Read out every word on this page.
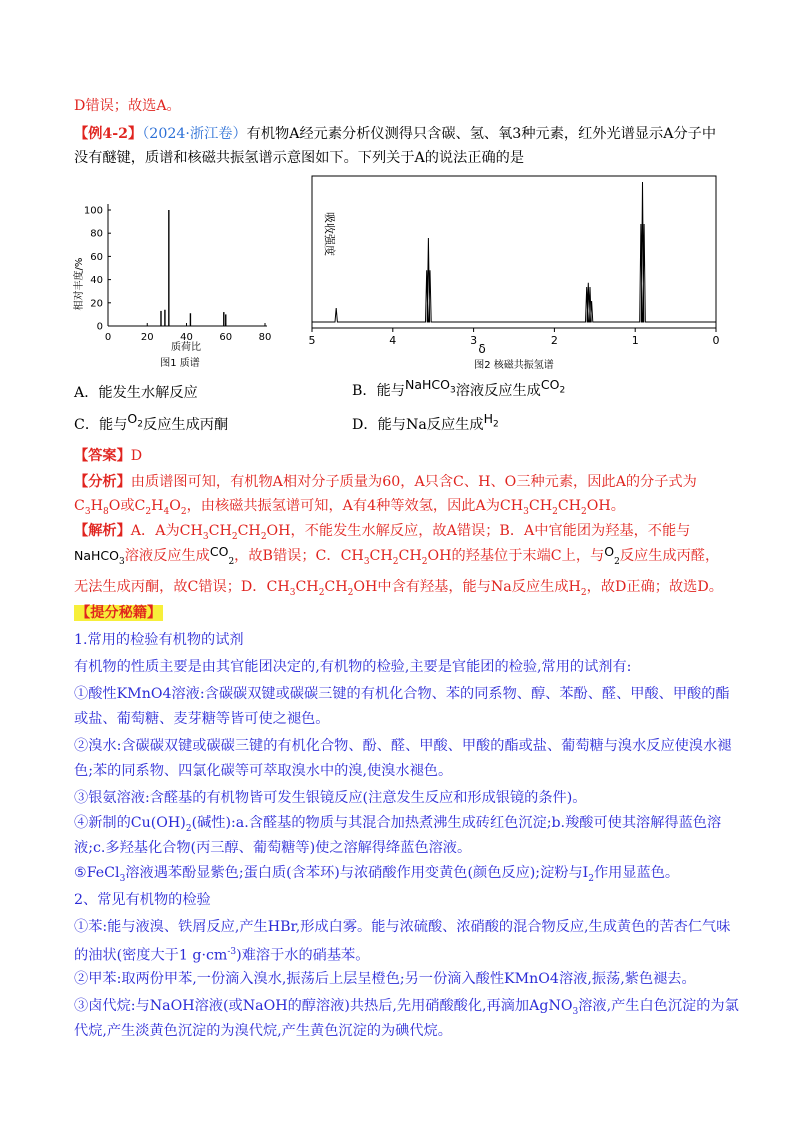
D错误；故选A。
【例4-2】（2024·浙江卷）有机物A经元素分析仪测得只含碳、氢、氧3种元素，红外光谱显示A分子中
没有醚键，质谱和核磁共振氢谱示意图如下。下列关于A的说法正确的是
0
20
40
60
80
100
0	20	40	60	80
相对丰度/%
质荷比
图1 质谱
5	4	3	2	1	0
吸收强度
δ
图2 核磁共振氢谱
A．能发生水解反应	B．能与NaHCO$_3$溶液反应生成$CO_2$
C．能与$O_2$反应生成丙酮	D．能与Na反应生成$H_2$
【答案】D
【分析】由质谱图可知，有机物A相对分子质量为60，A只含C、H、O三种元素，因此A的分子式为
$C_3H_8O$或$C_2H_4O_2$，由核磁共振氢谱可知，A有4种等效氢，因此A为$CH_3CH_2CH_2OH$。
【解析】A．A为$CH_3CH_2CH_2OH$，不能发生水解反应，故A错误；B．A中官能团为羟基，不能与
NaHCO$_3$溶液反应生成$CO_2$，故B错误；C．$CH_3CH_2CH_2OH$的羟基位于末端C上，与$O_2$反应生成丙醛，
无法生成丙酮，故C错误；D．$CH_3CH_2CH_2OH$中含有羟基，能与Na反应生成$H_2$，故D正确；故选D。
【提分秘籍】
1.常用的检验有机物的试剂
有机物的性质主要是由其官能团决定的,有机物的检验,主要是官能团的检验,常用的试剂有:
①酸性KMnO4溶液:含碳碳双键或碳碳三键的有机化合物、苯的同系物、醇、苯酚、醛、甲酸、甲酸的酯
或盐、葡萄糖、麦芽糖等皆可使之褪色。
②溴水:含碳碳双键或碳碳三键的有机化合物、酚、醛、甲酸、甲酸的酯或盐、葡萄糖与溴水反应使溴水褪
色;苯的同系物、四氯化碳等可萃取溴水中的溴,使溴水褪色。
③银氨溶液:含醛基的有机物皆可发生银镜反应(注意发生反应和形成银镜的条件)。
④新制的$Cu(OH)_2$(碱性):a.含醛基的物质与其混合加热煮沸生成砖红色沉淀;b.羧酸可使其溶解得蓝色溶
液;c.多羟基化合物(丙三醇、葡萄糖等)使之溶解得绛蓝色溶液。
⑤FeCl$_3$溶液遇苯酚显紫色;蛋白质(含苯环)与浓硝酸作用变黄色(颜色反应);淀粉与$I_2$作用显蓝色。
2、常见有机物的检验
①苯:能与液溴、铁屑反应,产生HBr,形成白雾。能与浓硫酸、浓硝酸的混合物反应,生成黄色的苦杏仁气味
的油状(密度大于1 $g\cdot cm^{-3}$)难溶于水的硝基苯。
②甲苯:取两份甲苯,一份滴入溴水,振荡后上层呈橙色;另一份滴入酸性KMnO4溶液,振荡,紫色褪去。
③卤代烷:与NaOH溶液(或NaOH的醇溶液)共热后,先用硝酸酸化,再滴加AgNO$_3$溶液,产生白色沉淀的为氯
代烷,产生淡黄色沉淀的为溴代烷,产生黄色沉淀的为碘代烷。
